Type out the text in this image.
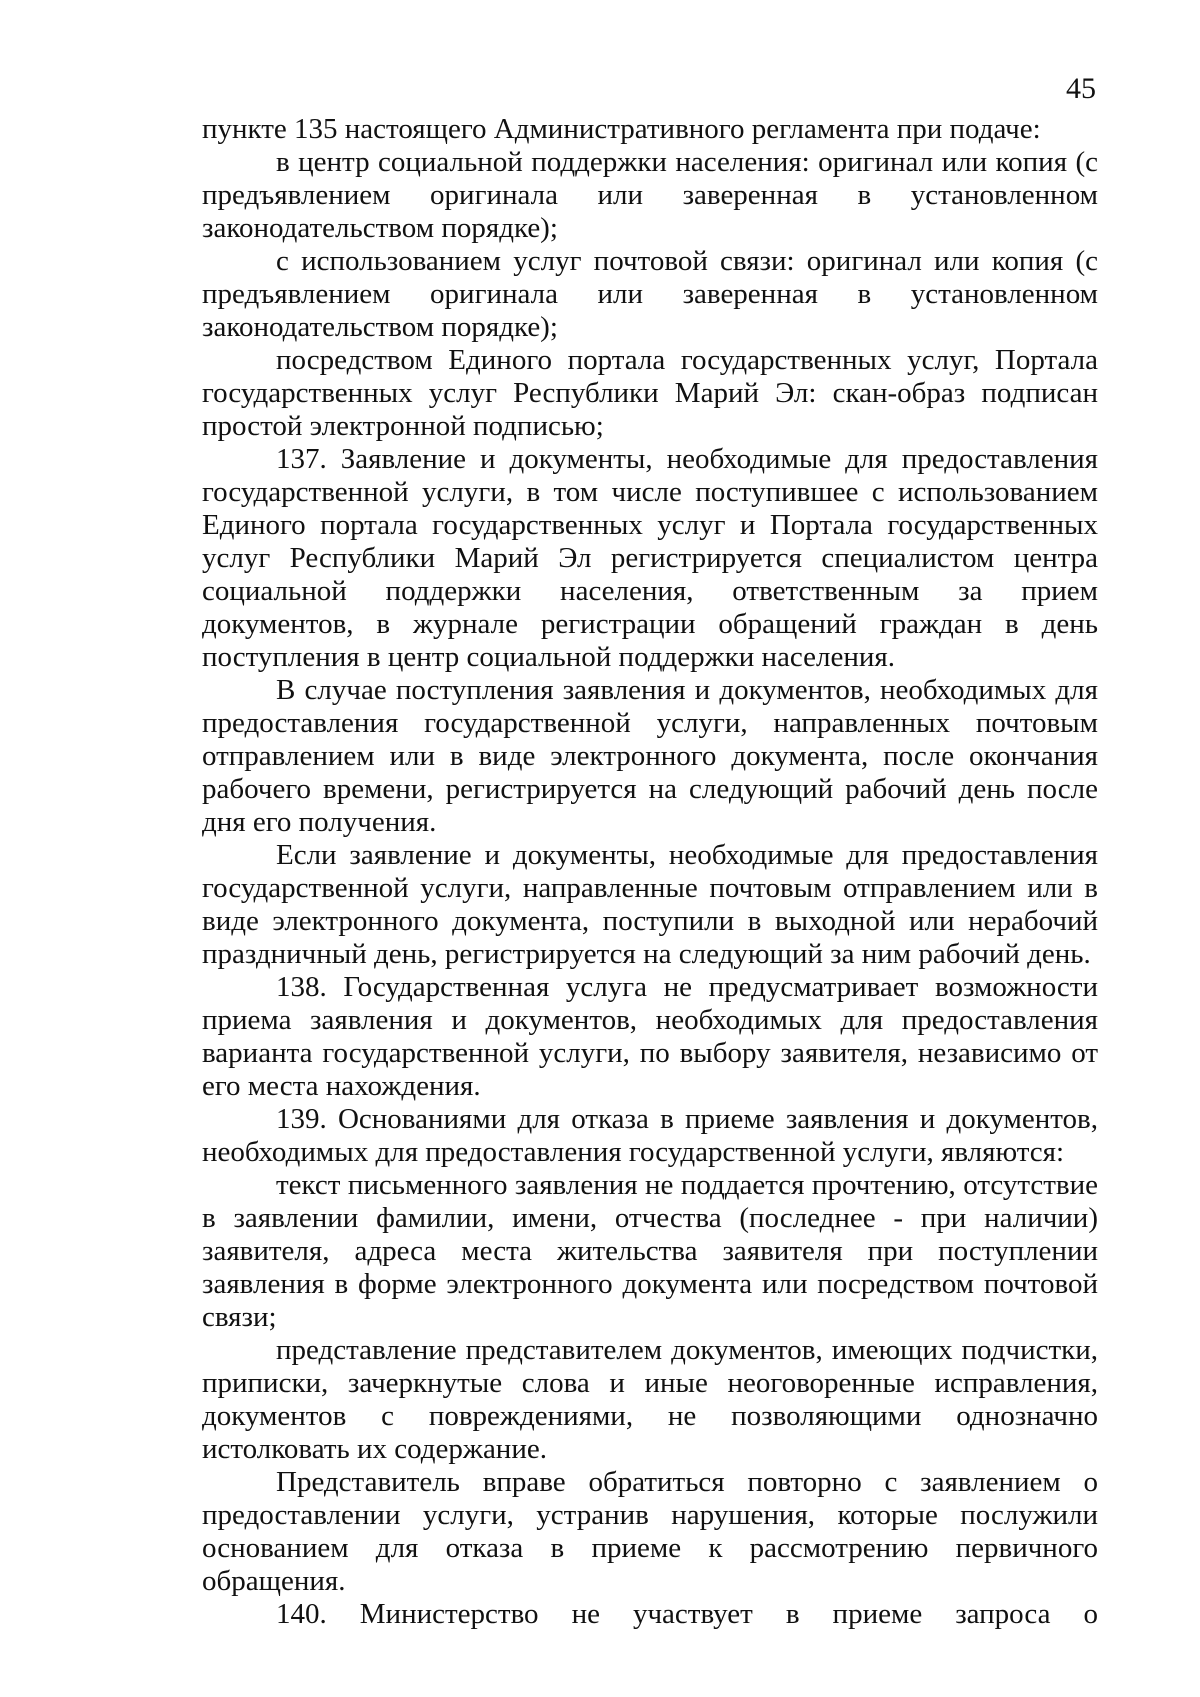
45

пункте 135 настоящего Административного регламента при подаче:

в центр социальной поддержки населения: оригинал или копия (с предъявлением оригинала или заверенная в установленном законодательством порядке);

с использованием услуг почтовой связи: оригинал или копия (с предъявлением оригинала или заверенная в установленном законодательством порядке);

посредством Единого портала государственных услуг, Портала государственных услуг Республики Марий Эл: скан-образ подписан простой электронной подписью;

137. Заявление и документы, необходимые для предоставления государственной услуги, в том числе поступившее с использованием Единого портала государственных услуг и Портала государственных услуг Республики Марий Эл регистрируется специалистом центра социальной поддержки населения, ответственным за прием документов, в журнале регистрации обращений граждан в день поступления в центр социальной поддержки населения.

В случае поступления заявления и документов, необходимых для предоставления государственной услуги, направленных почтовым отправлением или в виде электронного документа, после окончания рабочего времени, регистрируется на следующий рабочий день после дня его получения.

Если заявление и документы, необходимые для предоставления государственной услуги, направленные почтовым отправлением или в виде электронного документа, поступили в выходной или нерабочий праздничный день, регистрируется на следующий за ним рабочий день.

138. Государственная услуга не предусматривает возможности приема заявления и документов, необходимых для предоставления варианта государственной услуги, по выбору заявителя, независимо от его места нахождения.

139. Основаниями для отказа в приеме заявления и документов, необходимых для предоставления государственной услуги, являются:

текст письменного заявления не поддается прочтению, отсутствие в заявлении фамилии, имени, отчества (последнее - при наличии) заявителя, адреса места жительства заявителя при поступлении заявления в форме электронного документа или посредством почтовой связи;

представление представителем документов, имеющих подчистки, приписки, зачеркнутые слова и иные неоговоренные исправления, документов с повреждениями, не позволяющими однозначно истолковать их содержание.

Представитель вправе обратиться повторно с заявлением о предоставлении услуги, устранив нарушения, которые послужили основанием для отказа в приеме к рассмотрению первичного обращения.

140. Министерство не участвует в приеме запроса о
